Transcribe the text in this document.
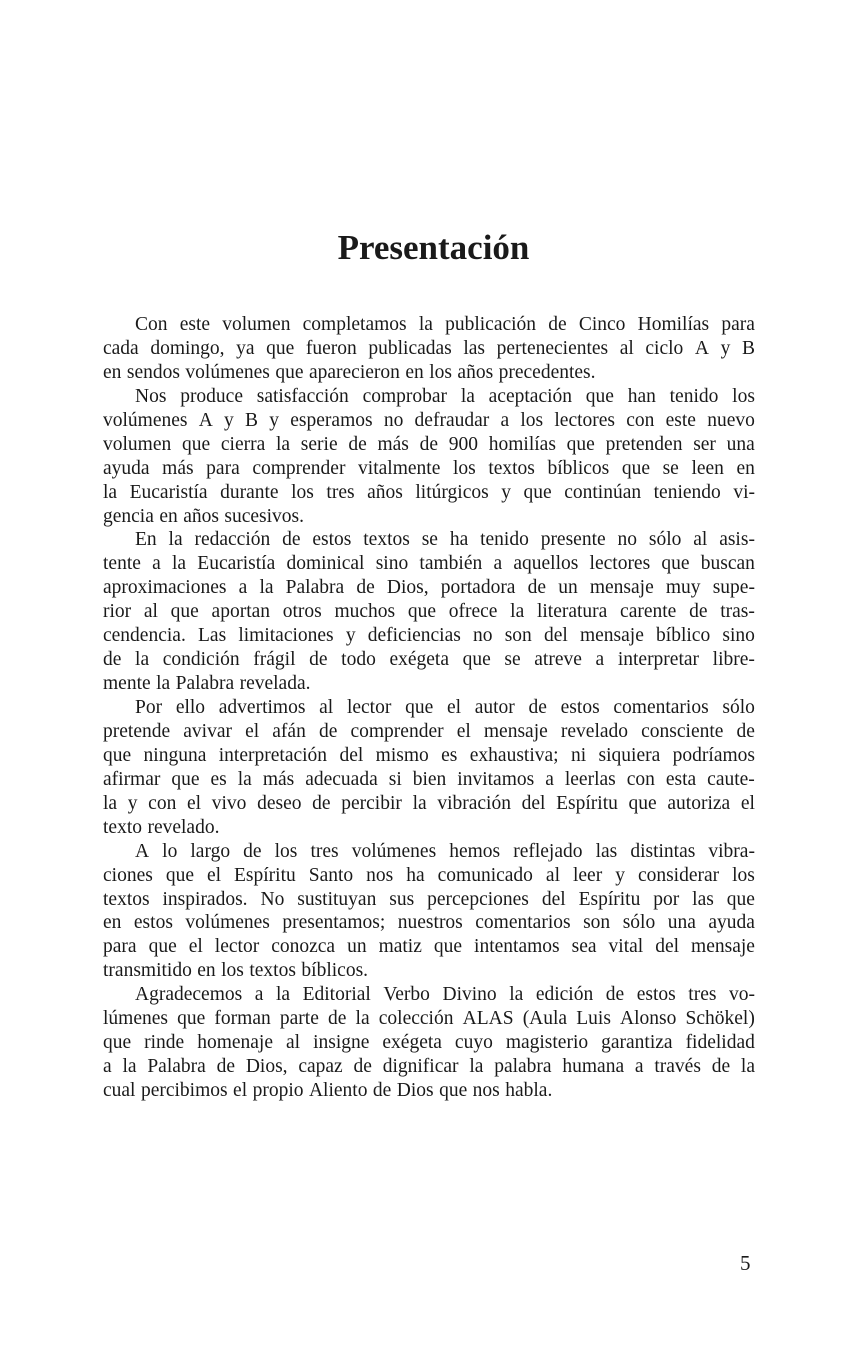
Presentación
Con este volumen completamos la publicación de Cinco Homilías para
cada domingo, ya que fueron publicadas las pertenecientes al ciclo A y B
en sendos volúmenes que aparecieron en los años precedentes.
Nos produce satisfacción comprobar la aceptación que han tenido los
volúmenes A y B y esperamos no defraudar a los lectores con este nuevo
volumen que cierra la serie de más de 900 homilías que pretenden ser una
ayuda más para comprender vitalmente los textos bíblicos que se leen en
la Eucaristía durante los tres años litúrgicos y que continúan teniendo vi-
gencia en años sucesivos.
En la redacción de estos textos se ha tenido presente no sólo al asis-
tente a la Eucaristía dominical sino también a aquellos lectores que buscan
aproximaciones a la Palabra de Dios, portadora de un mensaje muy supe-
rior al que aportan otros muchos que ofrece la literatura carente de tras-
cendencia. Las limitaciones y deficiencias no son del mensaje bíblico sino
de la condición frágil de todo exégeta que se atreve a interpretar libre-
mente la Palabra revelada.
Por ello advertimos al lector que el autor de estos comentarios sólo
pretende avivar el afán de comprender el mensaje revelado consciente de
que ninguna interpretación del mismo es exhaustiva; ni siquiera podríamos
afirmar que es la más adecuada si bien invitamos a leerlas con esta caute-
la y con el vivo deseo de percibir la vibración del Espíritu que autoriza el
texto revelado.
A lo largo de los tres volúmenes hemos reflejado las distintas vibra-
ciones que el Espíritu Santo nos ha comunicado al leer y considerar los
textos inspirados. No sustituyan sus percepciones del Espíritu por las que
en estos volúmenes presentamos; nuestros comentarios son sólo una ayuda
para que el lector conozca un matiz que intentamos sea vital del mensaje
transmitido en los textos bíblicos.
Agradecemos a la Editorial Verbo Divino la edición de estos tres vo-
lúmenes que forman parte de la colección ALAS (Aula Luis Alonso Schökel)
que rinde homenaje al insigne exégeta cuyo magisterio garantiza fidelidad
a la Palabra de Dios, capaz de dignificar la palabra humana a través de la
cual percibimos el propio Aliento de Dios que nos habla.

5
